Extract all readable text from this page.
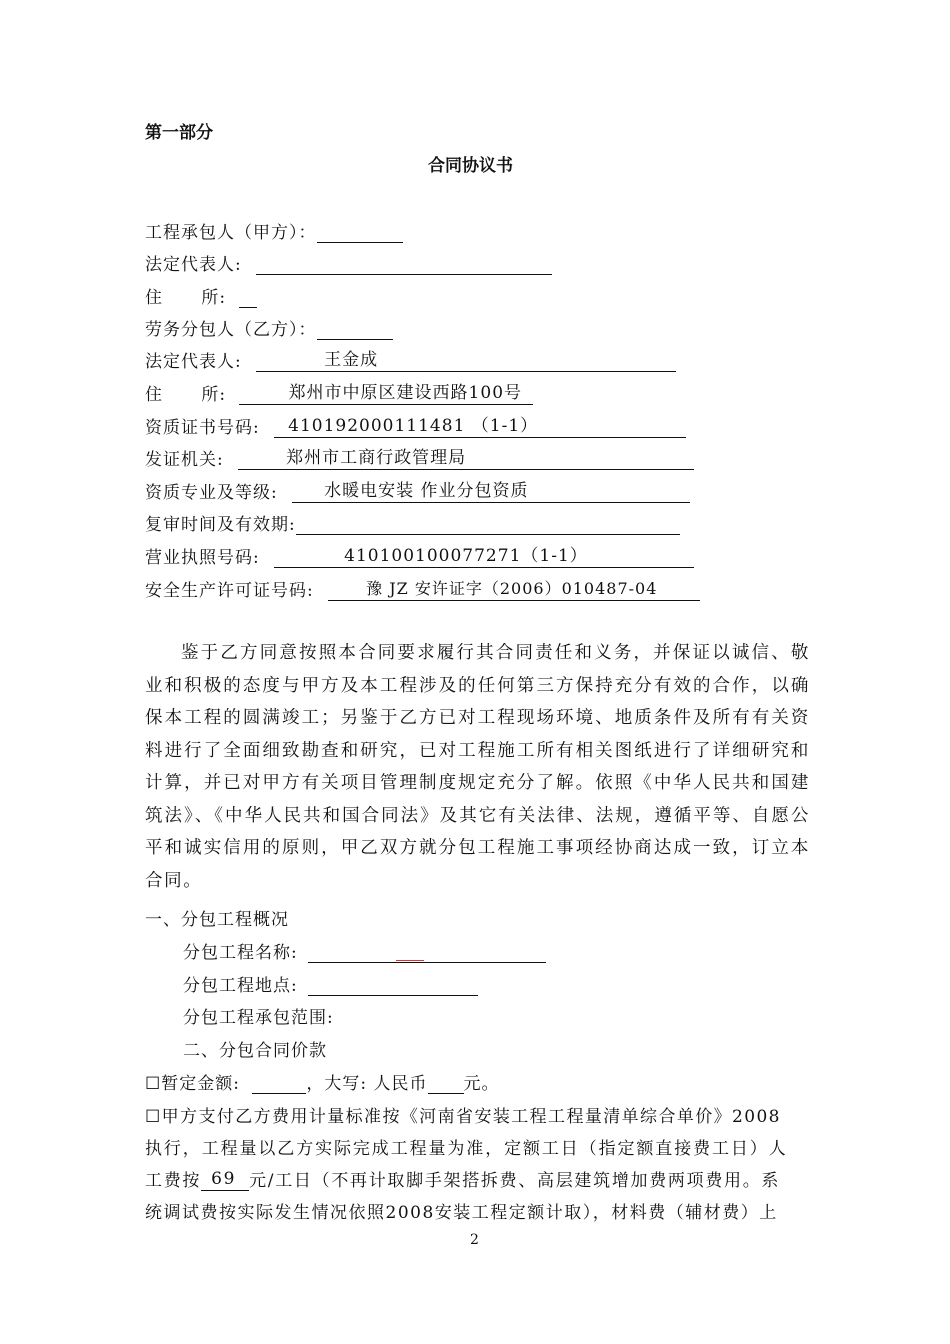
第一部分
合同协议书
工程承包人（甲方）：
法定代表人:
住      所:
劳务分包人（乙方）：
法定代表人:	王金成
住      所:	郑州市中原区建设西路100号
资质证书号码: 410192000111481 （1-1）
发证机关:	郑州市工商行政管理局
资质专业及等级:	水暖电安装 作业分包资质
复审时间及有效期:
营业执照号码:	410100100077271（1-1）
安全生产许可证号码:	豫 JZ 安许证字（2006）010487-04
鉴于乙方同意按照本合同要求履行其合同责任和义务，并保证以诚信、敬业和积极的态度与甲方及本工程涉及的任何第三方保持充分有效的合作，以确保本工程的圆满竣工；另鉴于乙方已对工程现场环境、地质条件及所有有关资料进行了全面细致勘查和研究，已对工程施工所有相关图纸进行了详细研究和计算，并已对甲方有关项目管理制度规定充分了解。依照《中华人民共和国建筑法》、《中华人民共和国合同法》及其它有关法律、法规，遵循平等、自愿公平和诚实信用的原则，甲乙双方就分包工程施工事项经协商达成一致，订立本合同。
一、分包工程概况
分包工程名称:
分包工程地点:
分包工程承包范围:
二、分包合同价款
☐暂定金额:	，大写: 人民币 元。
☐甲方支付乙方费用计量标准按《河南省安装工程工程量清单综合单价》2008
执行，工程量以乙方实际完成工程量为准，定额工日（指定额直接费工日）人
工费按 69 元/工日（不再计取脚手架搭拆费、高层建筑增加费两项费用。系
统调试费按实际发生情况依照2008安装工程定额计取），材料费（辅材费）上
2
